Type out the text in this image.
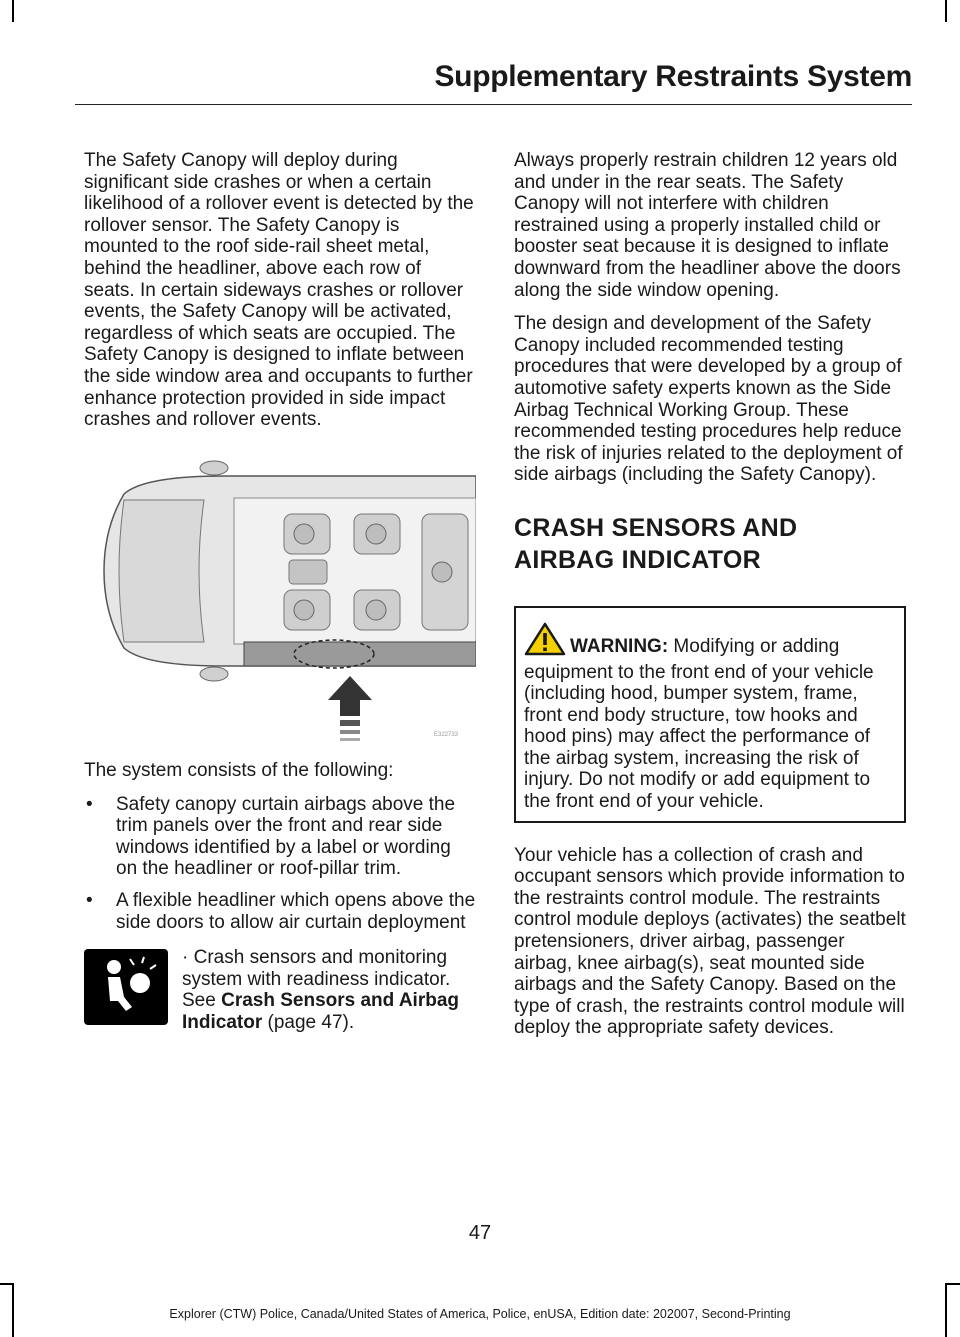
Supplementary Restraints System

The Safety Canopy will deploy during significant side crashes or when a certain likelihood of a rollover event is detected by the rollover sensor. The Safety Canopy is mounted to the roof side-rail sheet metal, behind the headliner, above each row of seats. In certain sideways crashes or rollover events, the Safety Canopy will be activated, regardless of which seats are occupied. The Safety Canopy is designed to inflate between the side window area and occupants to further enhance protection provided in side impact crashes and rollover events.

E322733

The system consists of the following:

• Safety canopy curtain airbags above the trim panels over the front and rear side windows identified by a label or wording on the headliner or roof-pillar trim.
• A flexible headliner which opens above the side doors to allow air curtain deployment
· Crash sensors and monitoring system with readiness indicator. See Crash Sensors and Airbag Indicator (page 47).

Always properly restrain children 12 years old and under in the rear seats. The Safety Canopy will not interfere with children restrained using a properly installed child or booster seat because it is designed to inflate downward from the headliner above the doors along the side window opening.

The design and development of the Safety Canopy included recommended testing procedures that were developed by a group of automotive safety experts known as the Side Airbag Technical Working Group. These recommended testing procedures help reduce the risk of injuries related to the deployment of side airbags (including the Safety Canopy).

CRASH SENSORS AND
AIRBAG INDICATOR
WARNING: Modifying or adding equipment to the front end of your vehicle (including hood, bumper system, frame, front end body structure, tow hooks and hood pins) may affect the performance of the airbag system, increasing the risk of injury. Do not modify or add equipment to the front end of your vehicle.

Your vehicle has a collection of crash and occupant sensors which provide information to the restraints control module. The restraints control module deploys (activates) the seatbelt pretensioners, driver airbag, passenger airbag, knee airbag(s), seat mounted side airbags and the Safety Canopy. Based on the type of crash, the restraints control module will deploy the appropriate safety devices.

47
Explorer (CTW) Police, Canada/United States of America, Police, enUSA, Edition date: 202007, Second-Printing
